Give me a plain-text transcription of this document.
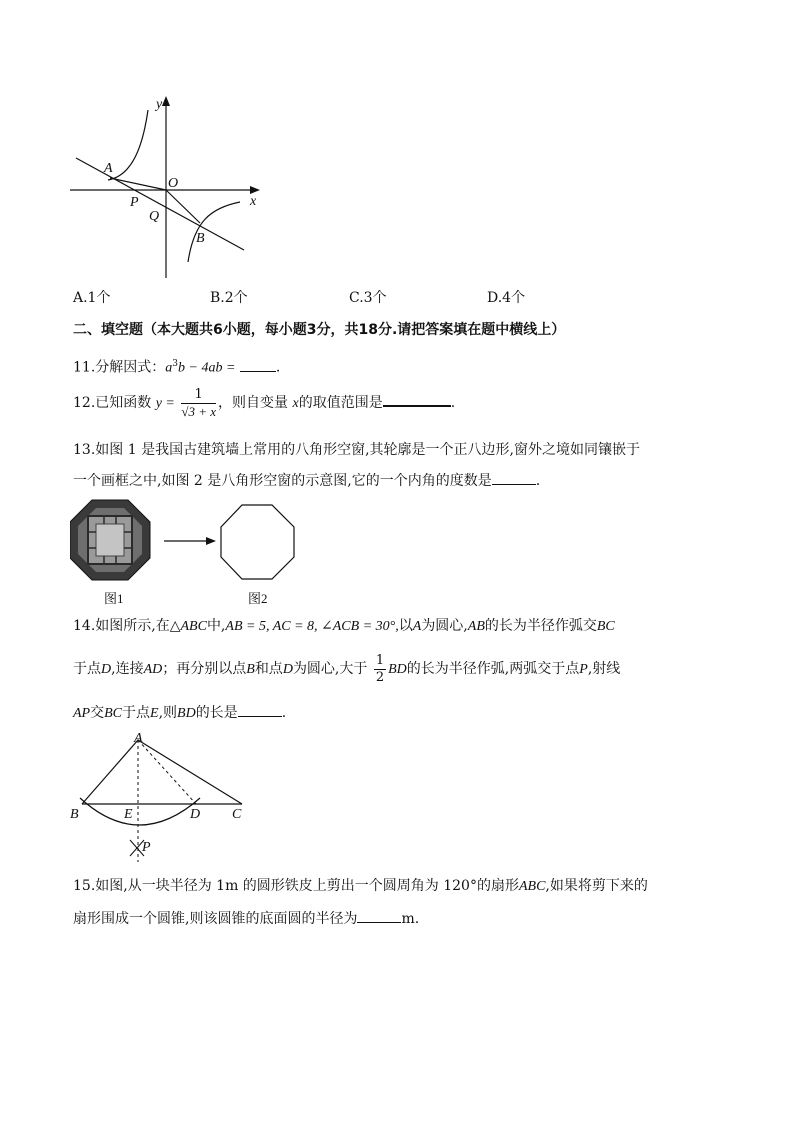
y
x
A
O
P
Q
B
A.1个	B.2个	C.3个	D.4个
二、填空题（本大题共6小题，每小题3分，共18分.请把答案填在题中横线上）
11.分解因式：$a^3b - 4ab$ =	.
12.已知函数 $y = \frac{1}{√3 + x}$ ，则自变量 x的取值范围是	.
13.如图 1 是我国古建筑墙上常用的八角形空窗,其轮廓是一个正八边形,窗外之境如同镶嵌于
一个画框之中,如图 2 是八角形空窗的示意图,它的一个内角的度数是	.
图1	图2
14.如图所示,在△ABC中,AB = 5, AC = 8, ∠ACB = 30°,以A为圆心,AB的长为半径作弧交BC
于点D,连接AD；再分别以点B和点D为圆心,大于 $\frac{1}{2}$ BD的长为半径作弧,两弧交于点P,射线
AP交BC于点E,则BD的长是	.
A
B	E	D C
P
15.如图,从一块半径为 1m 的圆形铁皮上剪出一个圆周角为 120°的扇形ABC,如果将剪下来的
扇形围成一个圆锥,则该圆锥的底面圆的半径为	m.
